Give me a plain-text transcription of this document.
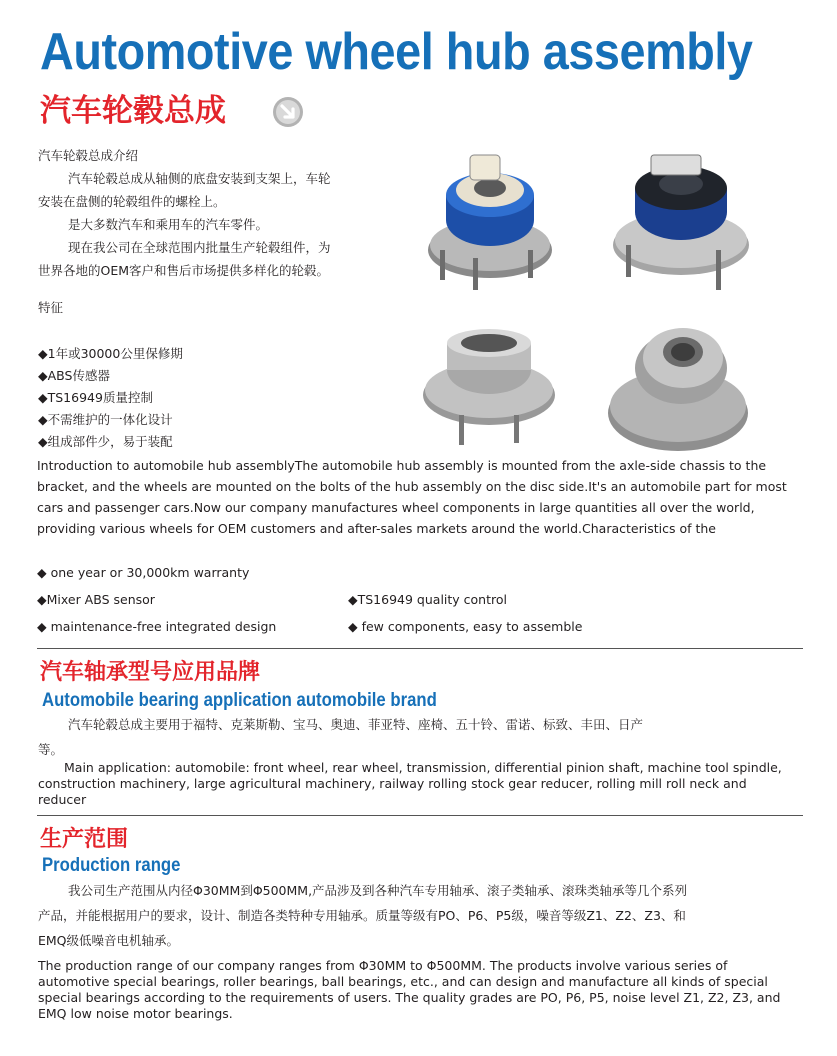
Automotive wheel hub assembly
汽车轮毂总成
汽车轮毂总成介绍
汽车轮毂总成从轴侧的底盘安装到支架上，车轮
安装在盘侧的轮毂组件的螺栓上。
是大多数汽车和乘用车的汽车零件。
现在我公司在全球范围内批量生产轮毂组件，为
世界各地的OEM客户和售后市场提供多样化的轮毂。
特征
◆1年或30000公里保修期
◆ABS传感器
◆TS16949质量控制
◆不需维护的一体化设计
◆组成部件少，易于装配
Introduction to automobile hub assemblyThe automobile hub assembly is mounted from the axle-side chassis to the bracket, and the wheels are mounted on the bolts of the hub assembly on the disc side.It's an automobile part for most cars and passenger cars.Now our company manufactures wheel components in large quantities all over the world, providing various wheels for OEM customers and after-sales markets around the world.Characteristics of the
◆ one year or 30,000km warranty
◆Mixer ABS sensor	◆TS16949 quality control
◆ maintenance-free integrated design	◆ few components, easy to assemble
汽车轴承型号应用品牌
Automobile bearing application automobile brand
汽车轮毂总成主要用于福特、克莱斯勒、宝马、奥迪、菲亚特、座椅、五十铃、雷诺、标致、丰田、日产
等。
Main application: automobile: front wheel, rear wheel, transmission, differential pinion shaft, machine tool spindle,
construction machinery, large agricultural machinery, railway rolling stock gear reducer, rolling mill roll neck and
reducer
生产范围
Production range
我公司生产范围从内径Φ30MM到Φ500MM,产品涉及到各种汽车专用轴承、滚子类轴承、滚珠类轴承等几个系列
产品，并能根据用户的要求，设计、制造各类特种专用轴承。质量等级有PO、P6、P5级，噪音等级Z1、Z2、Z3、和
EMQ级低噪音电机轴承。
The production range of our company ranges from Φ30MM to Φ500MM. The products involve various series of
automotive special bearings, roller bearings, ball bearings, etc., and can design and manufacture all kinds of special
special bearings according to the requirements of users. The quality grades are PO, P6, P5, noise level Z1, Z2, Z3, and
EMQ low noise motor bearings.
